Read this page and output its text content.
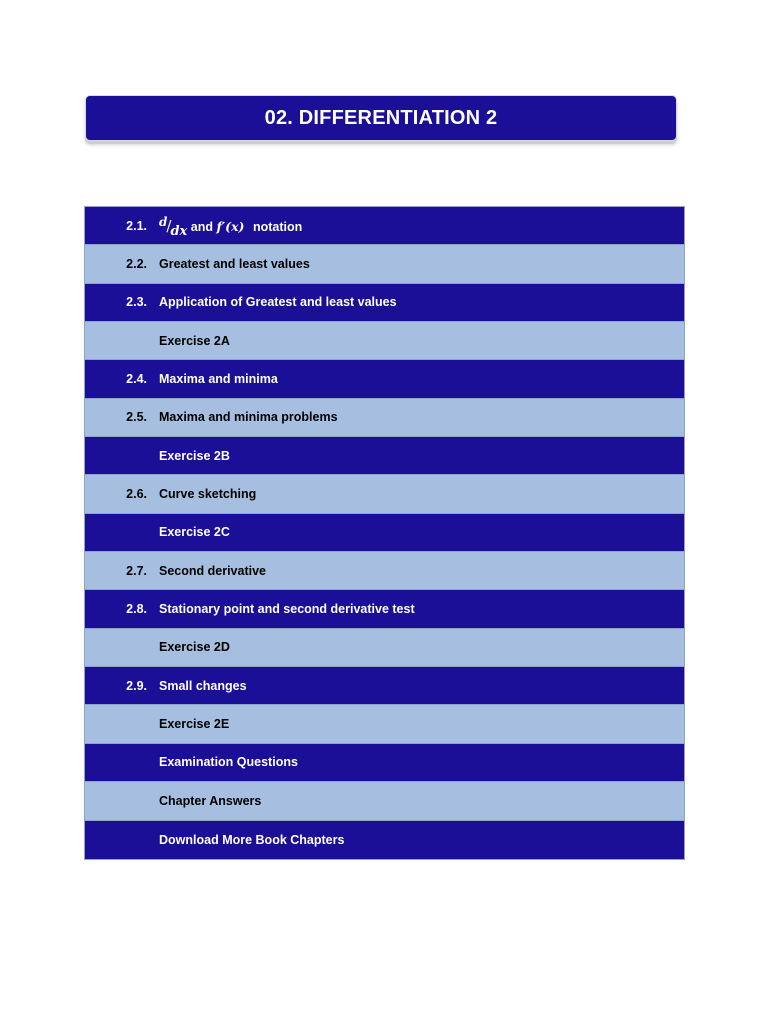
02. DIFFERENTIATION 2
2.1.	d/dx and f′(x) notation
2.2. Greatest and least values
2.3. Application of Greatest and least values
Exercise 2A
2.4. Maxima and minima
2.5. Maxima and minima problems
Exercise 2B
2.6. Curve sketching
Exercise 2C
2.7. Second derivative
2.8. Stationary point and second derivative test
Exercise 2D
2.9. Small changes
Exercise 2E
Examination Questions
Chapter Answers
Download More Book Chapters
